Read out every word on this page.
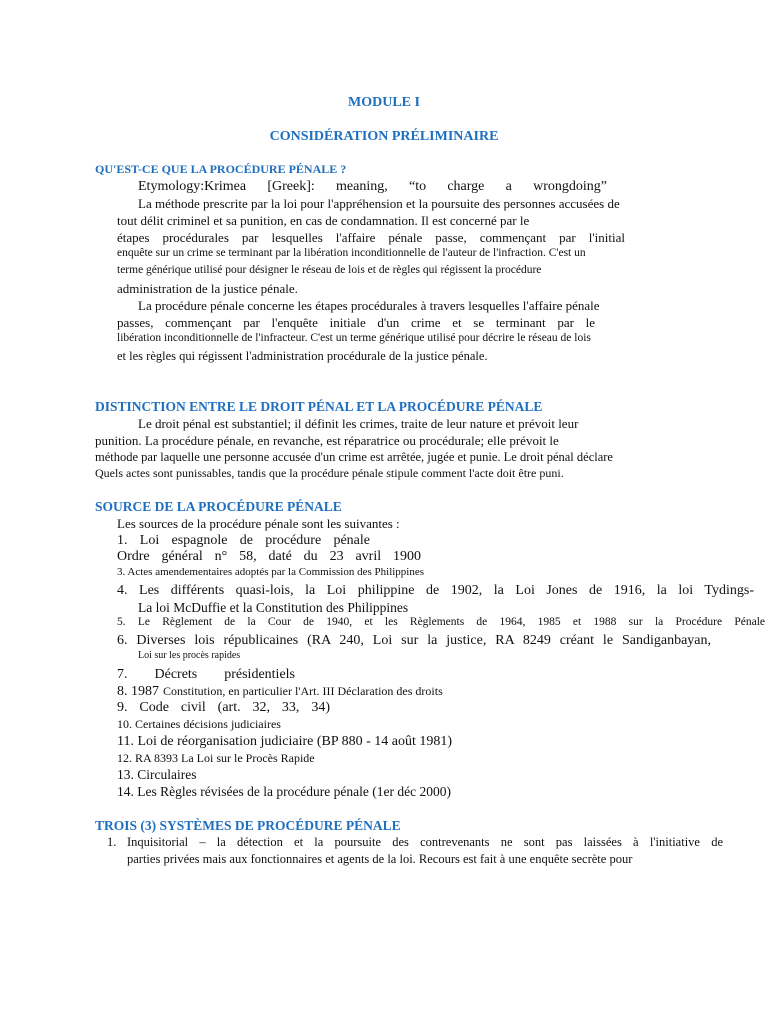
MODULE I
CONSIDÉRATION PRÉLIMINAIRE
QU'EST-CE QUE LA PROCÉDURE PÉNALE ?
Etymology:Krimea [Greek]: meaning, “to charge a wrongdoing”
La méthode prescrite par la loi pour l'appréhension et la poursuite des personnes accusées de
tout délit criminel et sa punition, en cas de condamnation. Il est concerné par le
étapes procédurales par lesquelles l'affaire pénale passe, commençant par l'initial
enquête sur un crime se terminant par la libération inconditionnelle de l'auteur de l'infraction. C'est un
terme générique utilisé pour désigner le réseau de lois et de règles qui régissent la procédure
administration de la justice pénale.
La procédure pénale concerne les étapes procédurales à travers lesquelles l'affaire pénale
passes, commençant par l'enquête initiale d'un crime et se terminant par le
libération inconditionnelle de l'infracteur. C'est un terme générique utilisé pour décrire le réseau de lois
et les règles qui régissent l'administration procédurale de la justice pénale.
DISTINCTION ENTRE LE DROIT PÉNAL ET LA PROCÉDURE PÉNALE
Le droit pénal est substantiel; il définit les crimes, traite de leur nature et prévoit leur
punition. La procédure pénale, en revanche, est réparatrice ou procédurale; elle prévoit le
méthode par laquelle une personne accusée d'un crime est arrêtée, jugée et punie. Le droit pénal déclare
Quels actes sont punissables, tandis que la procédure pénale stipule comment l'acte doit être puni.
SOURCE DE LA PROCÉDURE PÉNALE
Les sources de la procédure pénale sont les suivantes :
1. Loi espagnole de procédure pénale
Ordre général n° 58, daté du 23 avril 1900
3. Actes amendementaires adoptés par la Commission des Philippines
4. Les différents quasi-lois, la Loi philippine de 1902, la Loi Jones de 1916, la loi Tydings-
La loi McDuffie et la Constitution des Philippines
5. Le Règlement de la Cour de 1940, et les Règlements de 1964, 1985 et 1988 sur la Procédure Pénale
6. Diverses lois républicaines (RA 240, Loi sur la justice, RA 8249 créant le Sandiganbayan,
Loi sur les procès rapides
7. Décrets présidentiels
8. 1987 Constitution, en particulier l'Art. III Déclaration des droits
9. Code civil (art. 32, 33, 34)
10. Certaines décisions judiciaires
11. Loi de réorganisation judiciaire (BP 880 - 14 août 1981)
12. RA 8393 La Loi sur le Procès Rapide
13. Circulaires
14. Les Règles révisées de la procédure pénale (1er déc 2000)
TROIS (3) SYSTÈMES DE PROCÉDURE PÉNALE
1. Inquisitorial – la détection et la poursuite des contrevenants ne sont pas laissées à l'initiative de
parties privées mais aux fonctionnaires et agents de la loi. Recours est fait à une enquête secrète pour
